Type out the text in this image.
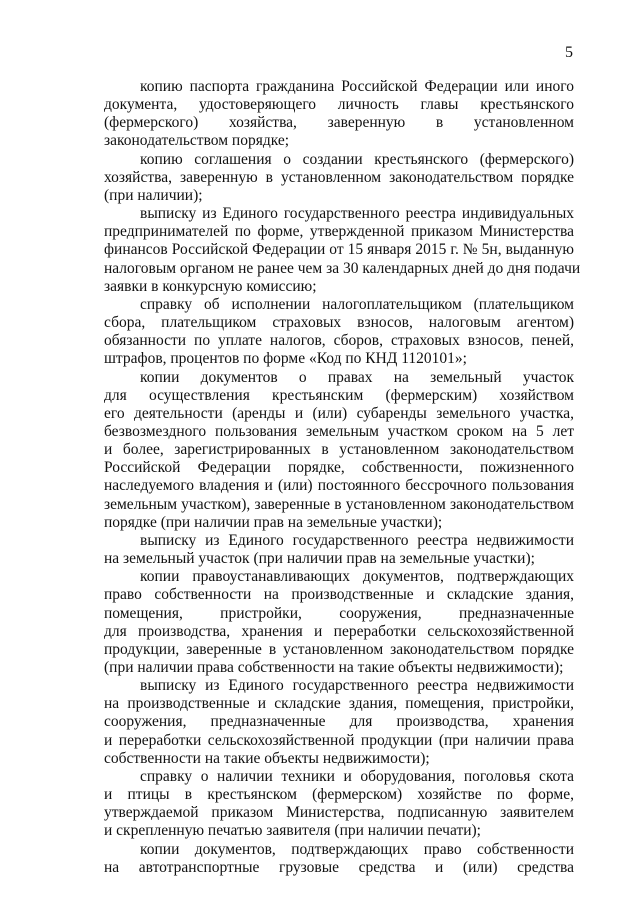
5

копию паспорта гражданина Российской Федерации или иного
документа, удостоверяющего личность главы крестьянского
(фермерского) хозяйства, заверенную в установленном
законодательством порядке;

копию соглашения о создании крестьянского (фермерского)
хозяйства, заверенную в установленном законодательством порядке
(при наличии);

выписку из Единого государственного реестра индивидуальных
предпринимателей по форме, утвержденной приказом Министерства
финансов Российской Федерации от 15 января 2015 г. № 5н, выданную
налоговым органом не ранее чем за 30 календарных дней до дня подачи
заявки в конкурсную комиссию;

справку об исполнении налогоплательщиком (плательщиком
сбора, плательщиком страховых взносов, налоговым агентом)
обязанности по уплате налогов, сборов, страховых взносов, пеней,
штрафов, процентов по форме «Код по КНД 1120101»;

копии документов о правах на земельный участок
для осуществления крестьянским (фермерским) хозяйством
его деятельности (аренды и (или) субаренды земельного участка,
безвозмездного пользования земельным участком сроком на 5 лет
и более, зарегистрированных в установленном законодательством
Российской Федерации порядке, собственности, пожизненного
наследуемого владения и (или) постоянного бессрочного пользования
земельным участком), заверенные в установленном законодательством
порядке (при наличии прав на земельные участки);

выписку из Единого государственного реестра недвижимости
на земельный участок (при наличии прав на земельные участки);

копии правоустанавливающих документов, подтверждающих
право собственности на производственные и складские здания,
помещения, пристройки, сооружения, предназначенные
для производства, хранения и переработки сельскохозяйственной
продукции, заверенные в установленном законодательством порядке
(при наличии права собственности на такие объекты недвижимости);

выписку из Единого государственного реестра недвижимости
на производственные и складские здания, помещения, пристройки,
сооружения, предназначенные для производства, хранения
и переработки сельскохозяйственной продукции (при наличии права
собственности на такие объекты недвижимости);

справку о наличии техники и оборудования, поголовья скота
и птицы в крестьянском (фермерском) хозяйстве по форме,
утверждаемой приказом Министерства, подписанную заявителем
и скрепленную печатью заявителя (при наличии печати);

копии документов, подтверждающих право собственности
на автотранспортные грузовые средства и (или) средства
